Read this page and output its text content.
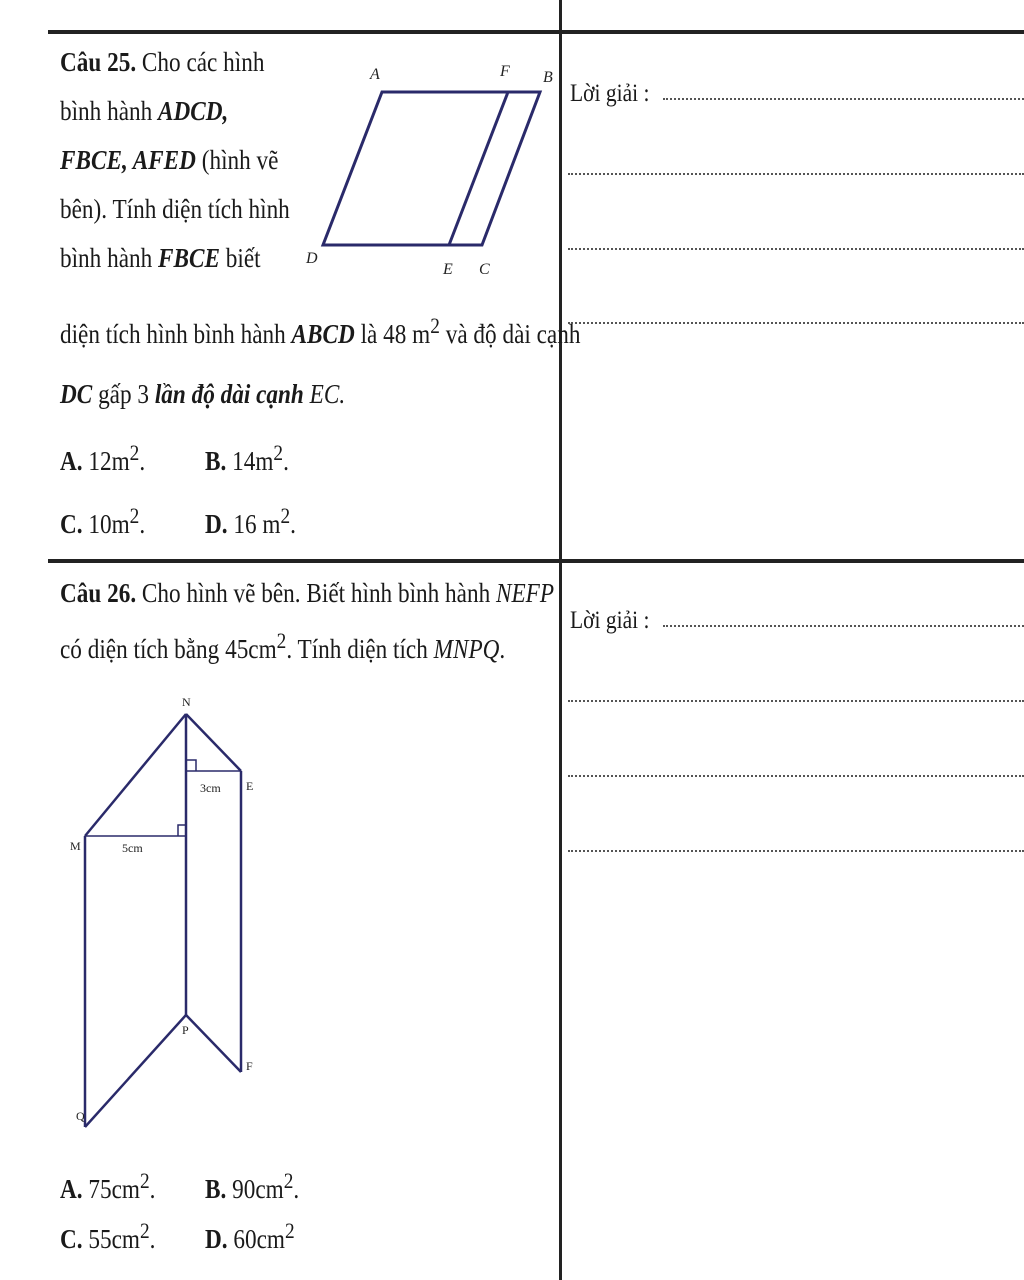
Câu 25. Cho các hình
bình hành ADCD,
FBCE, AFED (hình vẽ
bên). Tính diện tích hình
bình hành FBCE biết
diện tích hình bình hành ABCD là 48 $m^2$ và độ dài cạnh
DC gấp 3 lần độ dài cạnh EC.
A. $12m^2$. B. $14m^2$.
C. $10m^2$. D. 16 $m^2$.
A	F B
D
E C
Lời giải :
Câu 26. Cho hình vẽ bên. Biết hình bình hành NEFP
có diện tích bằng $45cm^2$. Tính diện tích MNPQ.
N
E
M
P
F
Q
3cm
5cm
A. $75cm^2$. B. $90cm^2$.
C. $55cm^2$. D. $60cm^2$
Lời giải :
